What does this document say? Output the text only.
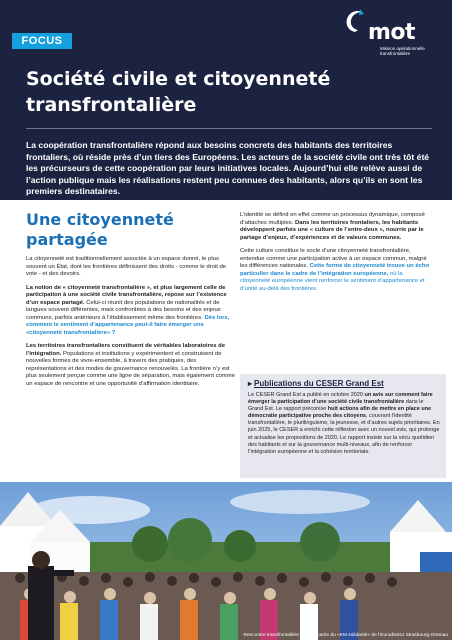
FOCUS	mot
Mission opérationnelle transfrontalière
Société civile et citoyenneté transfrontalière

La coopération transfrontalière répond aux besoins concrets des habitants des territoires frontaliers, où réside près d’un tiers des Européens. Les acteurs de la société civile ont très tôt été les précurseurs de cette coopération par leurs initiatives locales. Aujourd’hui elle relève aussi de l’action publique mais les réalisations restent peu connues des habitants, alors qu’ils en sont les premiers destinataires.

Une citoyenneté partagée

La citoyenneté est traditionnellement associée à un espace donné, le plus souvent un État, dont les frontières définissent des droits - comme le droit de vote - et des devoirs.

La notion de « citoyenneté transfrontalière », et plus largement celle de participation à une société civile transfrontalière, repose sur l’existence d’un espace partagé. Celui-ci réunit des populations de nationalités et de langues souvent différentes, mais confrontées à des besoins et des enjeux communs, parfois antérieurs à l’établissement même des frontières. Dès lors, comment le sentiment d’appartenance peut-il faire émerger une «citoyenneté transfrontalière» ?

Les territoires transfrontaliers constituent de véritables laboratoires de l’intégration. Populations et institutions y expérimentent et construisent de nouvelles formes de vivre-ensemble, à travers des pratiques, des représentations et des modes de gouvernance renouvelés. La frontière n’y est plus seulement perçue comme une ligne de séparation, mais également comme un espace de rencontre et une opportunité d’affirmation identitaire.

L’identité se définit en effet comme un processus dynamique, composé d’attaches multiples. Dans les territoires frontaliers, les habitants développent parfois une « culture de l’entre-deux », nourrie par le partage d’enjeux, d’expériences et de valeurs communes.

Cette culture constitue le socle d’une citoyenneté transfrontalière, entendue comme une participation active à un espace commun, malgré les différences nationales. Cette forme de citoyenneté trouve un écho particulier dans le cadre de l’intégration européenne, où la citoyenneté européenne vient renforcer le sentiment d’appartenance et d’unité au-delà des frontières.

▸ Publications du CESER Grand Est

Le CESER Grand Est a publié en octobre 2020 un avis sur comment faire émerger la participation d’une société civile transfrontalière dans le Grand Est. Le rapport préconise huit actions afin de mettre en place une démocratie participative proche des citoyens, couvrant l’identité transfrontalière, le plurilinguisme, la jeunesse, et d’autres sujets prioritaires. En juin 2025, le CESER a enrichi cette réflexion avec un nouvel avis, qui prolonge et actualise les propositions de 2020. Le rapport insiste sur la vécu quotidien des habitants et sur la gouvernance multi-niveaux, afin de renforcer l’intégration européenne et la cohésion territoriale.

Rencontre transfrontalière dans le cadre du «KM solidarité» de l’Eurodistrict Strasbourg-Ortenau
